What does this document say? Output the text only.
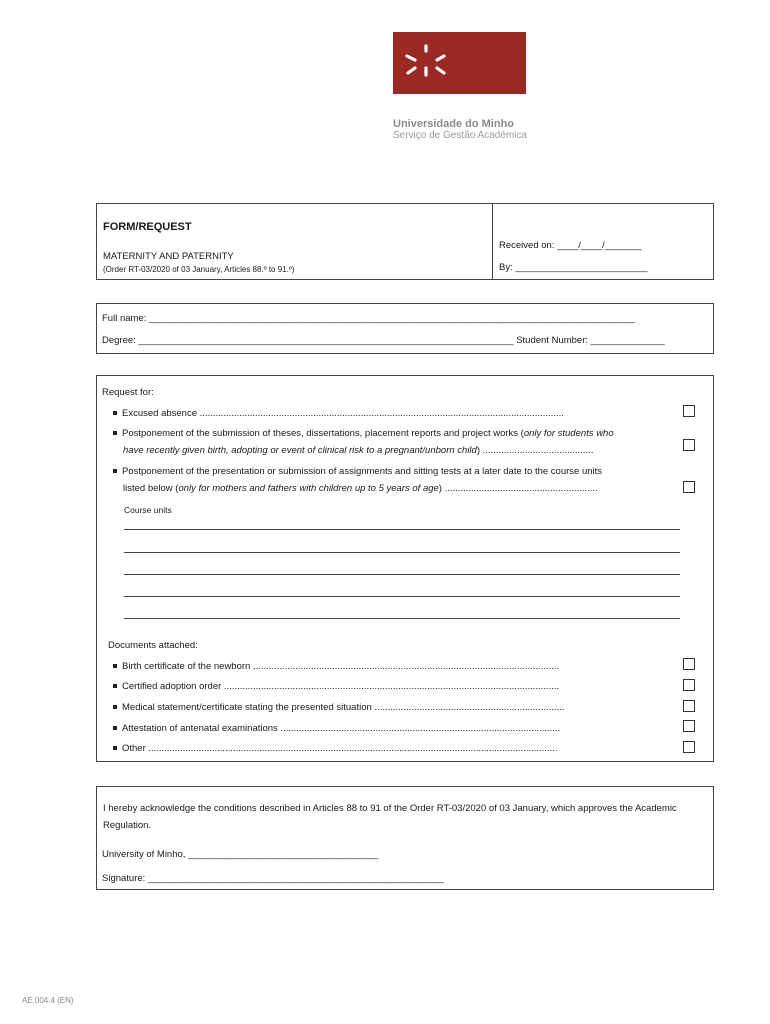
Universidade do Minho
Serviço de Gestão Académica
FORM/REQUEST
MATERNITY AND PATERNITY
(Order RT-03/2020 of 03 January, Articles 88.º to 91.º)
Received on: ____/____/_______
By: _________________________
Full name: ____________________________________________________________________________________________
Degree: _______________________________________________________________________ Student Number: ______________
Request for:
Excused absence ..........................................................................................................................................
Postponement of the submission of theses, dissertations, placement reports and project works (only for students who
have recently given birth, adopting or event of clinical risk to a pregnant/unborn child) ..........................................
Postponement of the presentation or submission of assignments and sitting tests at a later date to the course units
listed below (only for mothers and fathers with children up to 5 years of age) ..........................................................
Course units
Documents attached:
Birth certificate of the newborn ....................................................................................................................
Certified adoption order ...............................................................................................................................
Medical statement/certificate stating the presented situation ........................................................................
Attestation of antenatal examinations ..........................................................................................................
Other ...........................................................................................................................................................
I hereby acknowledge the conditions described in Articles 88 to 91 of the Order RT-03/2020 of 03 January, which approves the Academic Regulation.
University of Minho, ____________________________________
Signature: ________________________________________________________
AE.004.4 (EN)
